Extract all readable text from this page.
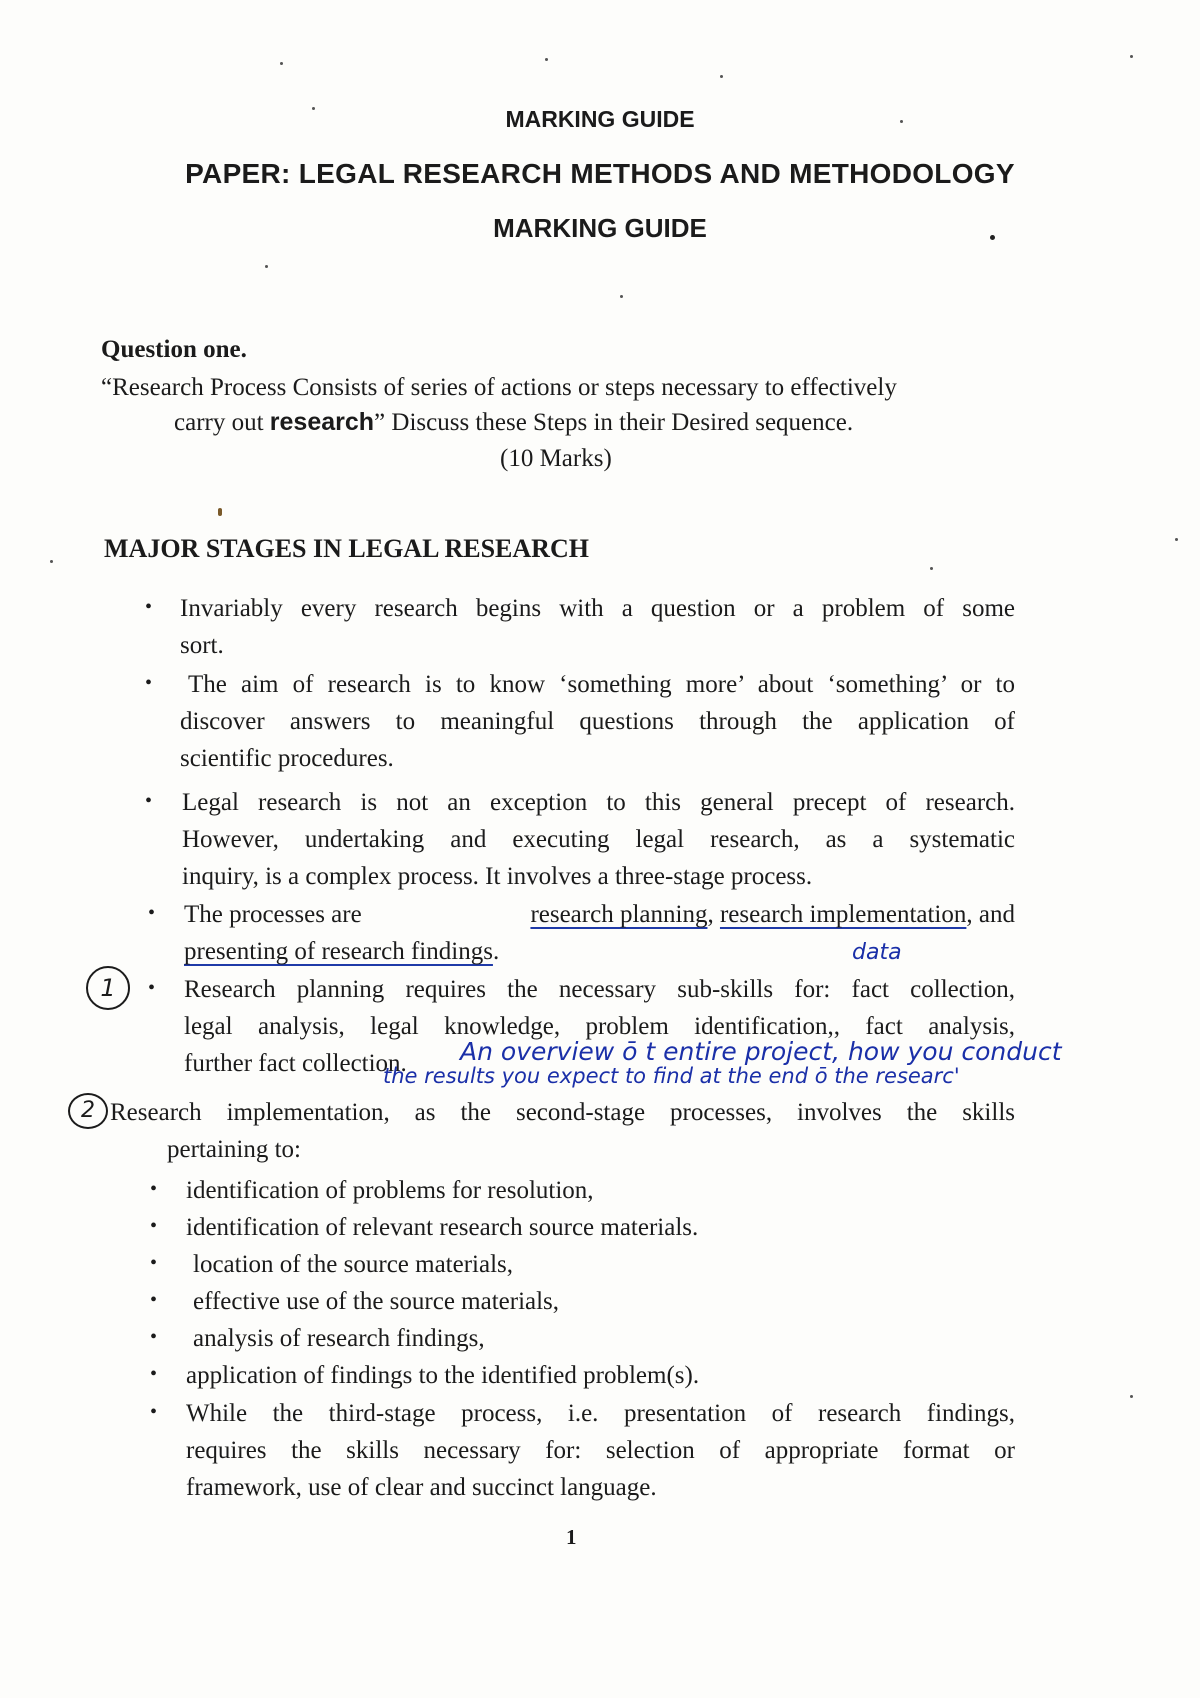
MARKING GUIDE
PAPER: LEGAL RESEARCH METHODS AND METHODOLOGY
MARKING GUIDE
Question one.
“Research Process Consists of series of actions or steps necessary to effectively
carry out research” Discuss these Steps in their Desired sequence.
(10 Marks)
MAJOR STAGES IN LEGAL RESEARCH
• Invariably every research begins with a question or a problem of some
sort.
• The aim of research is to know ‘something more’ about ‘something’ or to
discover answers to meaningful questions through the application of
scientific procedures.
• Legal research is not an exception to this general precept of research.
However, undertaking and executing legal research, as a systematic
inquiry, is a complex process. It involves a three-stage process.
• The processes are	research planning, research implementation, and
presenting of research findings.	data
1	• Research planning requires the necessary sub-skills for: fact collection,
legal analysis, legal knowledge, problem identification,, fact analysis,
further fact collection. An overview ō t entire project, how you conduct
the results you expect to find at the end ō the researc'
2 Research implementation, as the second-stage processes, involves the skills
pertaining to:
• identification of problems for resolution,
• identification of relevant research source materials.
• location of the source materials,
• effective use of the source materials,
• analysis of research findings,
• application of findings to the identified problem(s).
• While the third-stage process, i.e. presentation of research findings,
requires the skills necessary for: selection of appropriate format or
framework, use of clear and succinct language.
1
